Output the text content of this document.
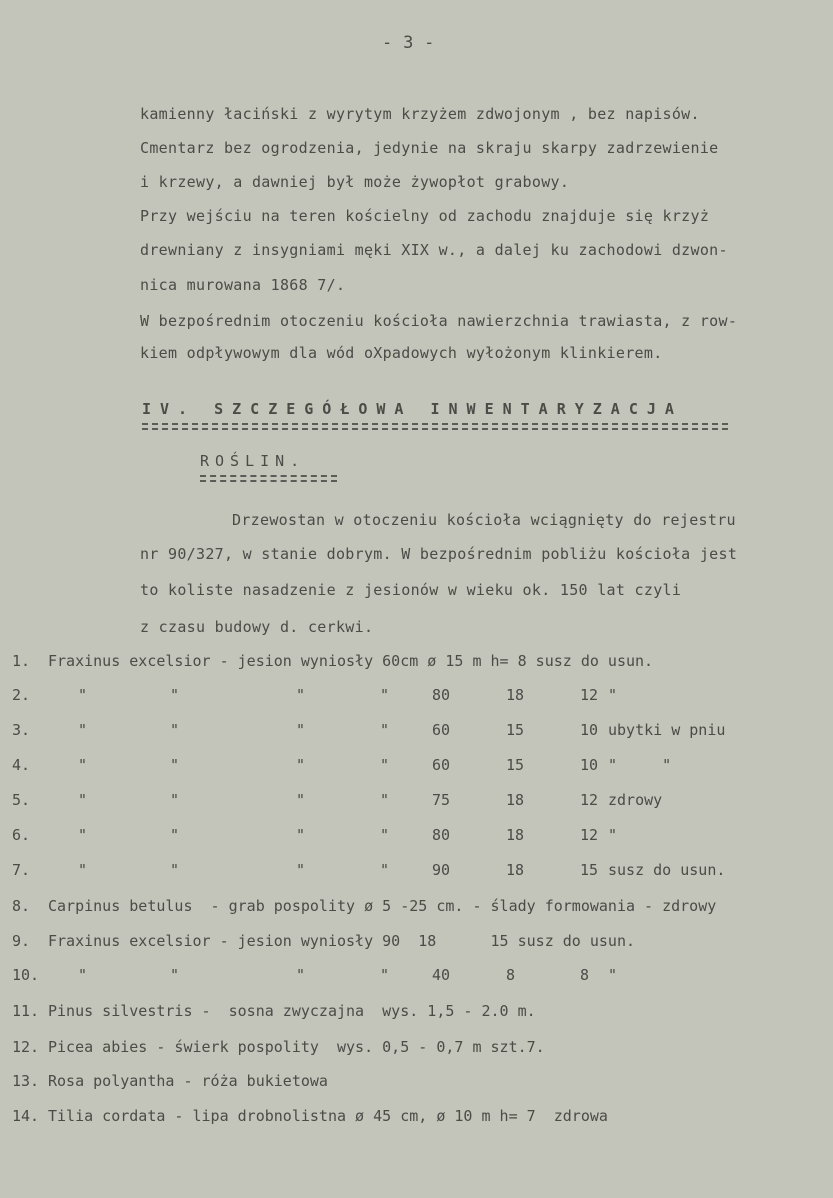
- 3 -
kamienny łaciński z wyrytym krzyżem zdwojonym , bez napisów.
Cmentarz bez ogrodzenia, jedynie na skraju skarpy zadrzewienie
i krzewy, a dawniej był może żywopłot grabowy.
Przy wejściu na teren kościelny od zachodu znajduje się krzyż
drewniany z insygniami męki XIX w., a dalej ku zachodowi dzwon-
nica murowana 1868 7/.
W bezpośrednim otoczeniu kościoła nawierzchnia trawiasta, z row-
kiem odpływowym dla wód oXpadowych wyłożonym klinkierem.
IV. SZCZEGÓŁOWA INWENTARYZACJA
ROŚLIN.
Drzewostan w otoczeniu kościoła wciągnięty do rejestru
nr 90/327, w stanie dobrym. W bezpośrednim pobliżu kościoła jest
to koliste nasadzenie z jesionów w wieku ok. 150 lat czyli
z czasu budowy d. cerkwi.
1. Fraxinus excelsior - jesion wyniosły 60cm ø 15 m h= 8 susz do usun.
2.	"	"	"	"	80	18	12 "
3.	"	"	"	"	60	15	10 ubytki w pniu
4.	"	"	"	"	60	15	10 "     "
5.	"	"	"	"	75	18	12 zdrowy
6.	"	"	"	"	80	18	12 "
7.	"	"	"	"	90	18	15 susz do usun.
8. Carpinus betulus  - grab pospolity ø 5 -25 cm. - ślady formowania - zdrowy
9. Fraxinus excelsior - jesion wyniosły 90  18      15 susz do usun.
10.	"	"	"	"	40	8	8 "
11. Pinus silvestris -  sosna zwyczajna  wys. 1,5 - 2.0 m.
12. Picea abies - świerk pospolity  wys. 0,5 - 0,7 m szt.7.
13. Rosa polyantha - róża bukietowa
14. Tilia cordata - lipa drobnolistna ø 45 cm, ø 10 m h= 7  zdrowa
